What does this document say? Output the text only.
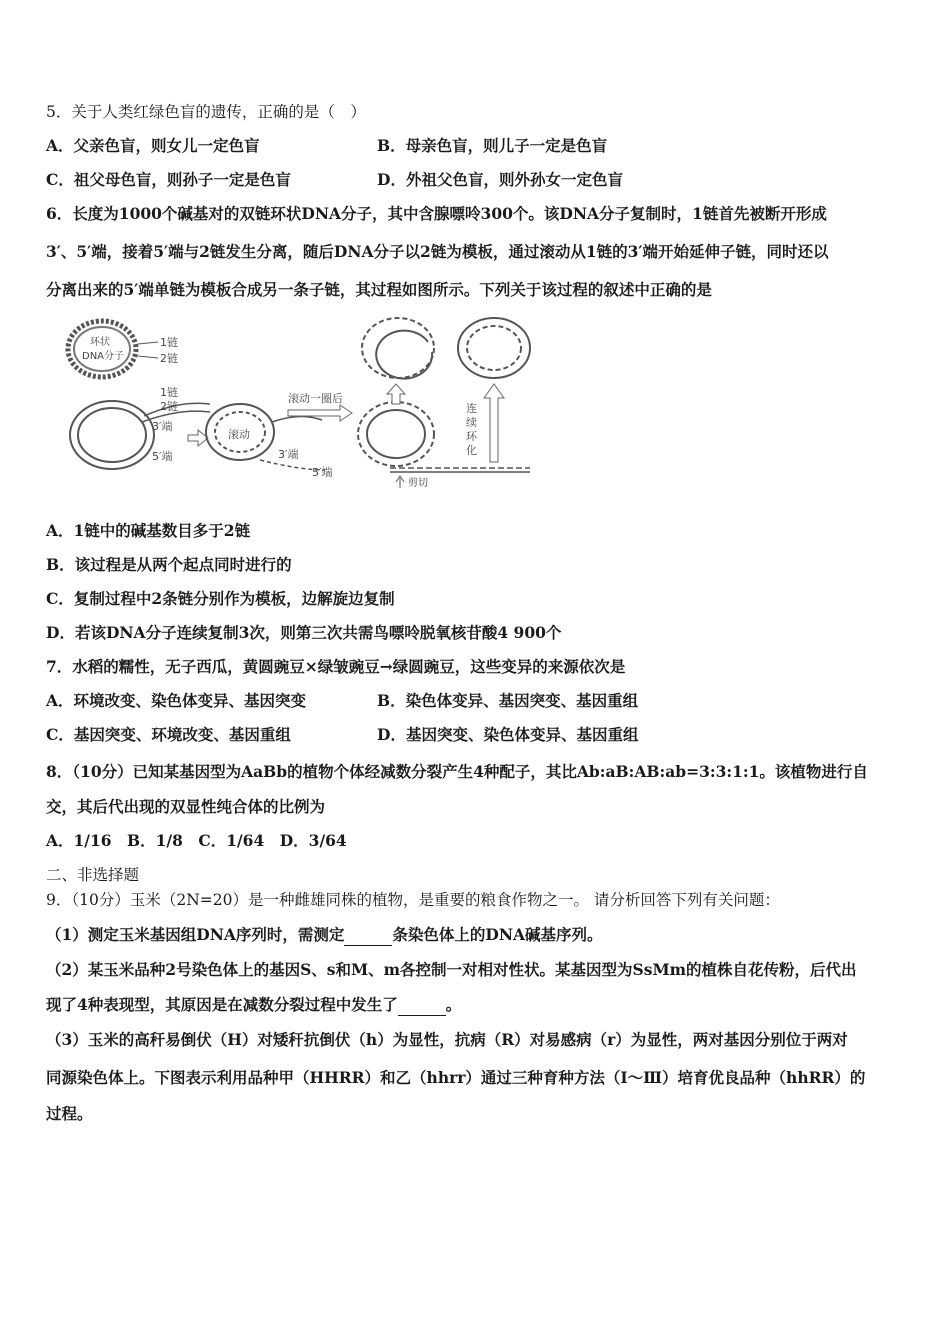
5．关于人类红绿色盲的遗传，正确的是（　）
A．父亲色盲，则女儿一定色盲	B．母亲色盲，则儿子一定是色盲
C．祖父母色盲，则孙子一定是色盲	D．外祖父色盲，则外孙女一定色盲
6．长度为1000个碱基对的双链环状DNA分子，其中含腺嘌呤300个。该DNA分子复制时，1链首先被断开形成
3′、5′端，接着5′端与2链发生分离，随后DNA分子以2链为模板，通过滚动从1链的3′端开始延伸子链，同时还以
分离出来的5′端单链为模板合成另一条子链，其过程如图所示。下列关于该过程的叙述中正确的是
环状
DNA分子
1链
2链
1链
2链
3′端
5′端
滚动
3′端
5′端
滚动一圈后
剪切
连
续
环
化
A．1链中的碱基数目多于2链
B．该过程是从两个起点同时进行的
C．复制过程中2条链分别作为模板，边解旋边复制
D．若该DNA分子连续复制3次，则第三次共需鸟嘌呤脱氧核苷酸4 900个
7．水稻的糯性，无子西瓜，黄圆豌豆×绿皱豌豆→绿圆豌豆，这些变异的来源依次是
A．环境改变、染色体变异、基因突变	B．染色体变异、基因突变、基因重组
C．基因突变、环境改变、基因重组	D．基因突变、染色体变异、基因重组
8．（10分）已知某基因型为AaBb的植物个体经减数分裂产生4种配子，其比Ab:aB:AB:ab=3:3:1:1。该植物进行自
交，其后代出现的双显性纯合体的比例为
A．1/16　B．1/8　C．1/64　D．3/64
二、非选择题
9．（10分）玉米（2N=20）是一种雌雄同株的植物，是重要的粮食作物之一。 请分析回答下列有关问题：
（1）测定玉米基因组DNA序列时，需测定	条染色体上的DNA碱基序列。
（2）某玉米品种2号染色体上的基因S、s和M、m各控制一对相对性状。某基因型为SsMm的植株自花传粉，后代出
现了4种表现型，其原因是在减数分裂过程中发生了	。
（3）玉米的高秆易倒伏（H）对矮秆抗倒伏（h）为显性，抗病（R）对易感病（r）为显性，两对基因分别位于两对
同源染色体上。下图表示利用品种甲（HHRR）和乙（hhrr）通过三种育种方法（Ⅰ～Ⅲ）培育优良品种（hhRR）的
过程。
